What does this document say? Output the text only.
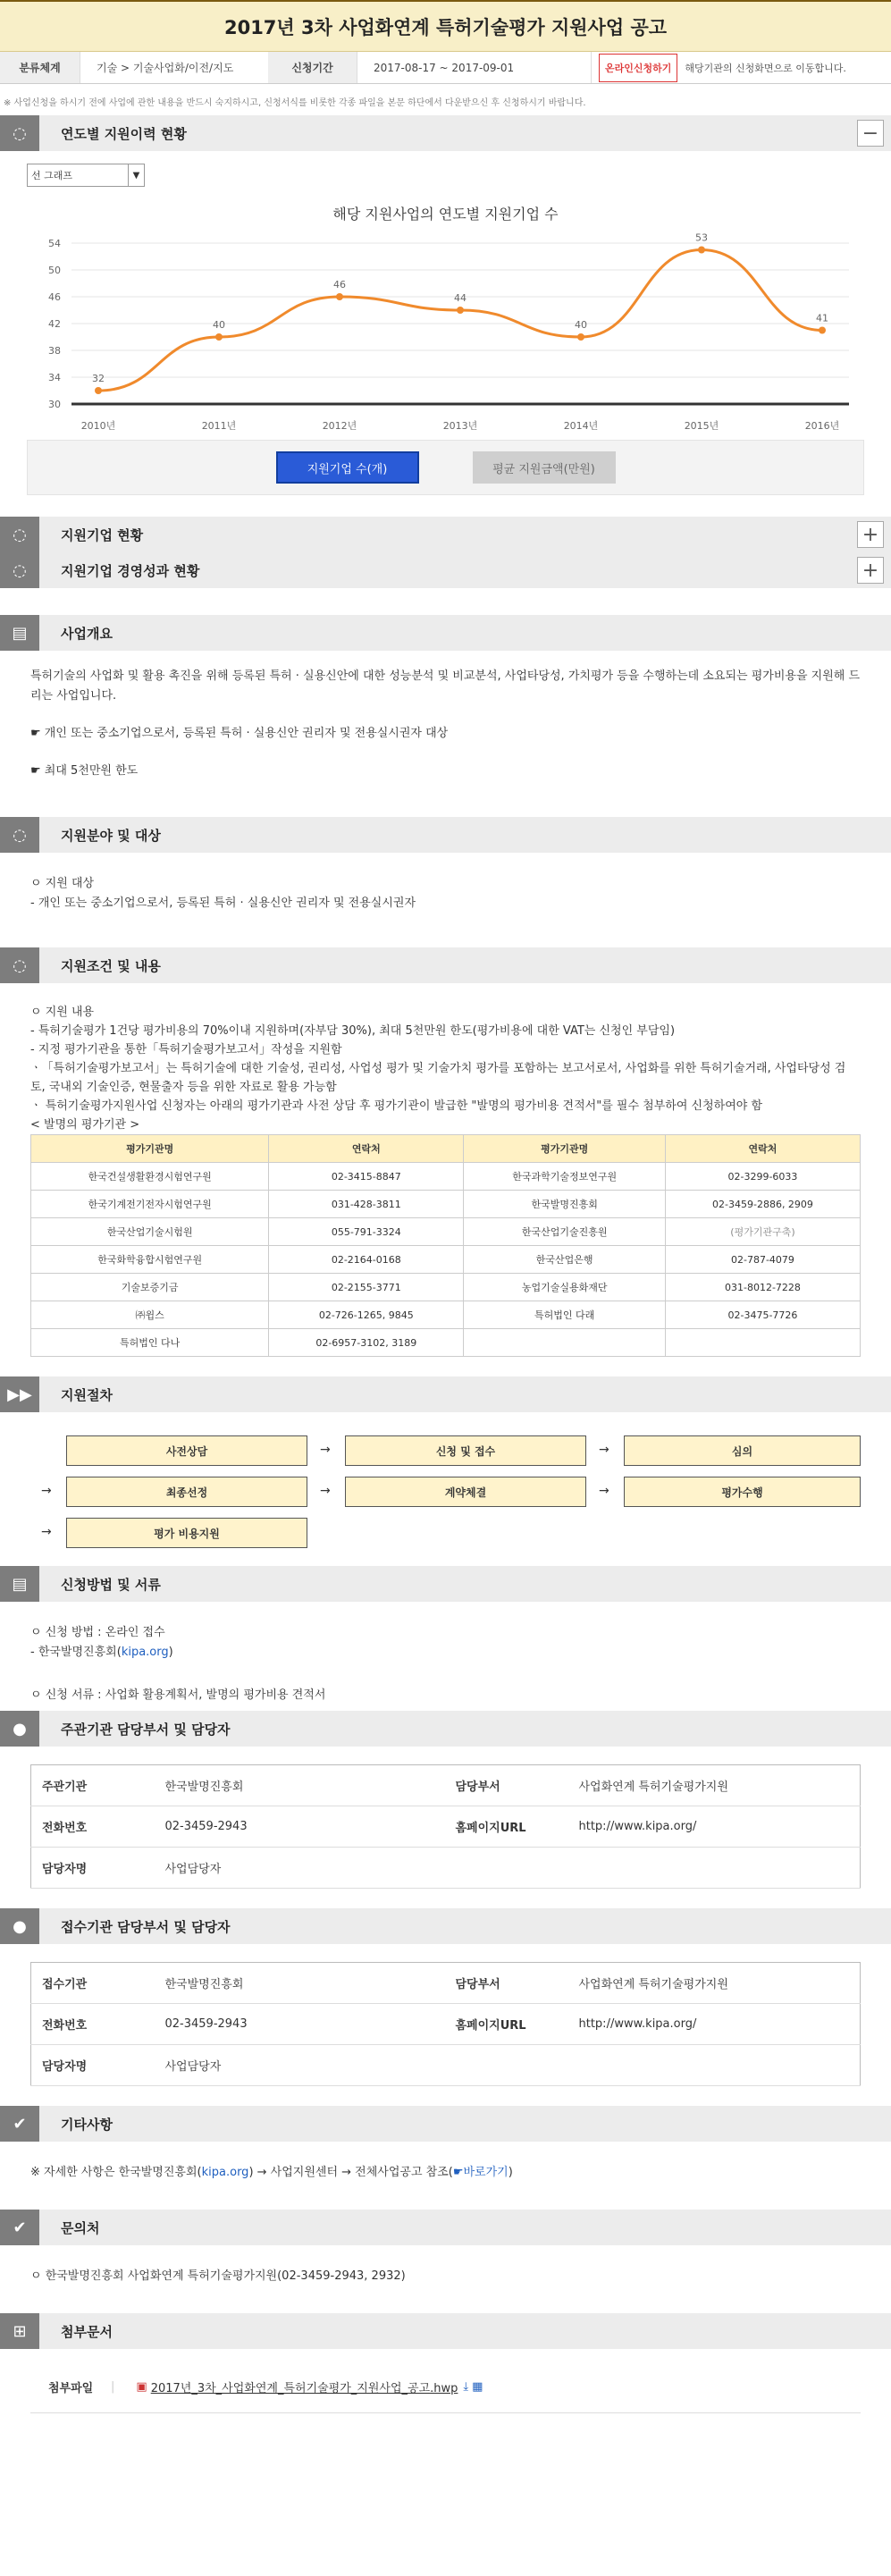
2017년 3차 사업화연계 특허기술평가 지원사업 공고
분류체계	기술 > 기술사업화/이전/지도	신청기간	2017-08-17 ~ 2017-09-01	온라인신청하기	해당기관의 신청화면으로 이동합니다.
※ 사업신청을 하시기 전에 사업에 관한 내용을 반드시 숙지하시고, 신청서식를 비롯한 각종 파일을 본문 하단에서 다운받으신 후 신청하시기 바랍니다.
◌	연도별 지원이력 현황	−
선 그래프	▼
해당 지원사업의 연도별 지원기업 수
30
34
38
42
46
50
54
32
2010년
40
2011년
46
2012년
44
2013년
40
2014년
53
2015년
41
2016년
지원기업 수(개)	평균 지원금액(만원)
◌	지원기업 현황	+
◌	지원기업 경영성과 현황	+
▤	사업개요

특허기술의 사업화 및 활용 촉진을 위해 등록된 특허 · 실용신안에 대한 성능분석 및 비교분석, 사업타당성, 가치평가 등을 수행하는데 소요되는 평가비용을 지원해 드리는 사업입니다.

☛ 개인 또는 중소기업으로서, 등록된 특허 · 실용신안 권리자 및 전용실시권자 대상

☛ 최대 5천만원 한도

◌	지원분야 및 대상

ㅇ 지원 대상

- 개인 또는 중소기업으로서, 등록된 특허 · 실용신안 권리자 및 전용실시권자

◌	지원조건 및 내용

ㅇ 지원 내용

- 특허기술평가 1건당 평가비용의 70%이내 지원하며(자부담 30%), 최대 5천만원 한도(평가비용에 대한 VAT는 신청인 부담임)

- 지정 평가기관을 통한「특허기술평가보고서」작성을 지원함

ㆍ「특허기술평가보고서」는 특허기술에 대한 기술성, 권리성, 사업성 평가 및 기술가치 평가를 포함하는 보고서로서, 사업화를 위한 특허기술거래, 사업타당성 검토, 국내외 기술인증, 현물출자 등을 위한 자료로 활용 가능함

ㆍ 특허기술평가지원사업 신청자는 아래의 평가기관과 사전 상담 후 평가기관이 발급한 "발명의 평가비용 견적서"를 필수 첨부하여 신청하여야 함

< 발명의 평가기관 >

평가기관명	연락처	평가기관명	연락처
한국건설생활환경시험연구원	02-3415-8847	한국과학기술정보연구원	02-3299-6033
한국기계전기전자시험연구원	031-428-3811	한국발명진흥회	02-3459-2886, 2909
한국산업기술시험원	055-791-3324	한국산업기술진흥원	(평가기관구축)
한국화학융합시험연구원	02-2164-0168	한국산업은행	02-787-4079
기술보증기금	02-2155-3771	농업기술실용화재단	031-8012-7228
㈜윕스	02-726-1265, 9845	특허법인 다래	02-3475-7726
특허법인 다나	02-6957-3102, 3189		
▶▶	지원절차
사전상담	→	신청 및 접수	→	심의
→	최종선정	→	계약체결	→	평가수행
→	평가 비용지원
▤	신청방법 및 서류

ㅇ 신청 방법 : 온라인 접수

- 한국발명진흥회(kipa.org)

ㅇ 신청 서류 : 사업화 활용계획서, 발명의 평가비용 견적서

●	주관기관 담당부서 및 담당자
주관기관	한국발명진흥회	담당부서	사업화연계 특허기술평가지원
전화번호	02-3459-2943	홈페이지URL	http://www.kipa.org/
담당자명	사업담당자		
●	접수기관 담당부서 및 담당자
접수기관	한국발명진흥회	담당부서	사업화연계 특허기술평가지원
전화번호	02-3459-2943	홈페이지URL	http://www.kipa.org/
담당자명	사업담당자		
✔	기타사항

※ 자세한 사항은 한국발명진흥회(kipa.org) → 사업지원센터 → 전체사업공고 참조(☛바로가기)

✔	문의처

ㅇ 한국발명진흥회 사업화연계 특허기술평가지원(02-3459-2943, 2932)

⊞	첨부문서
첨부파일	| ▣ 2017년_3차_사업화연계_특허기술평가_지원사업_공고.hwp ⤓ ▦
